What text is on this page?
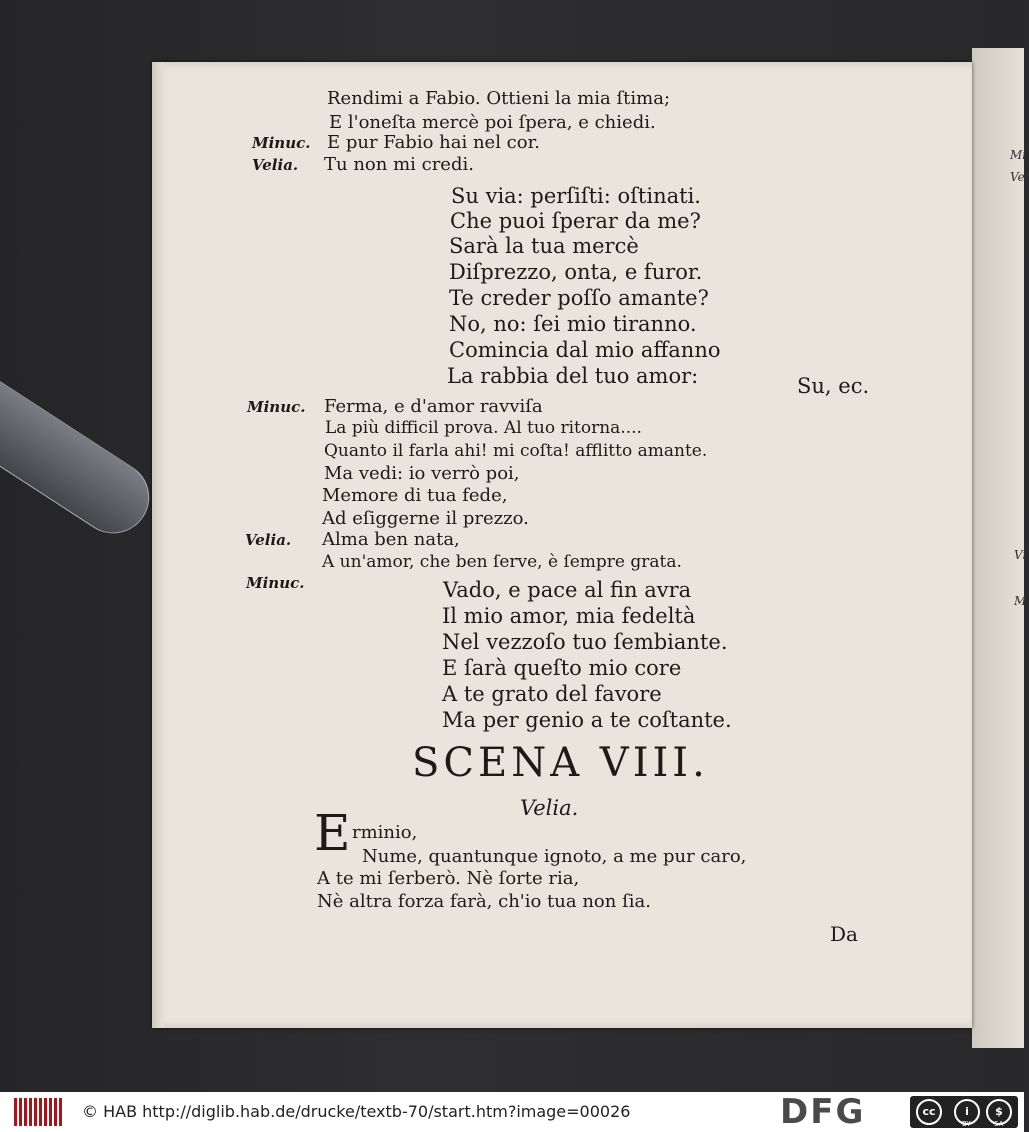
Mi
Vel
Vi
M
Rendimi a Fabio. Ottieni la mia ſtima;
E l'oneſta mercè poi ſpera, e chiedi.
Minuc. E pur Fabio hai nel cor.
Velia. Tu non mi credi.
Su via: perſiſti: oſtinati.
Che puoi ſperar da me?
Sarà la tua mercè
Diſprezzo, onta, e furor.
Te creder poſſo amante?
No, no: ſei mio tiranno.
Comincia dal mio affanno
La rabbia del tuo amor:	Su, ec.
Minuc. Ferma, e d'amor ravviſa
La più difficil prova. Al tuo ritorna....
Quanto il farla ahi! mi coſta! afflitto amante.
Ma vedi: io verrò poi,
Memore di tua fede,
Ad eſiggerne il prezzo.
Velia. Alma ben nata,
A un'amor, che ben ſerve, è ſempre grata.
Minuc.	Vado, e pace al fin avra
Il mio amor, mia fedeltà
Nel vezzoſo tuo ſembiante.
E ſarà queſto mio core
A te grato del favore
Ma per genio a te coſtante.
SCENA VIII.
Velia.
E rminio,
Nume, quantunque ignoto, a me pur caro,
A te mi ſerberò. Nè ſorte ria,
Nè altra forza farà, ch'io tua non ſia.
Da
© HAB http://diglib.hab.de/drucke/textb-70/start.htm?image=00026	DFG	cc	i	$
BY	SA
